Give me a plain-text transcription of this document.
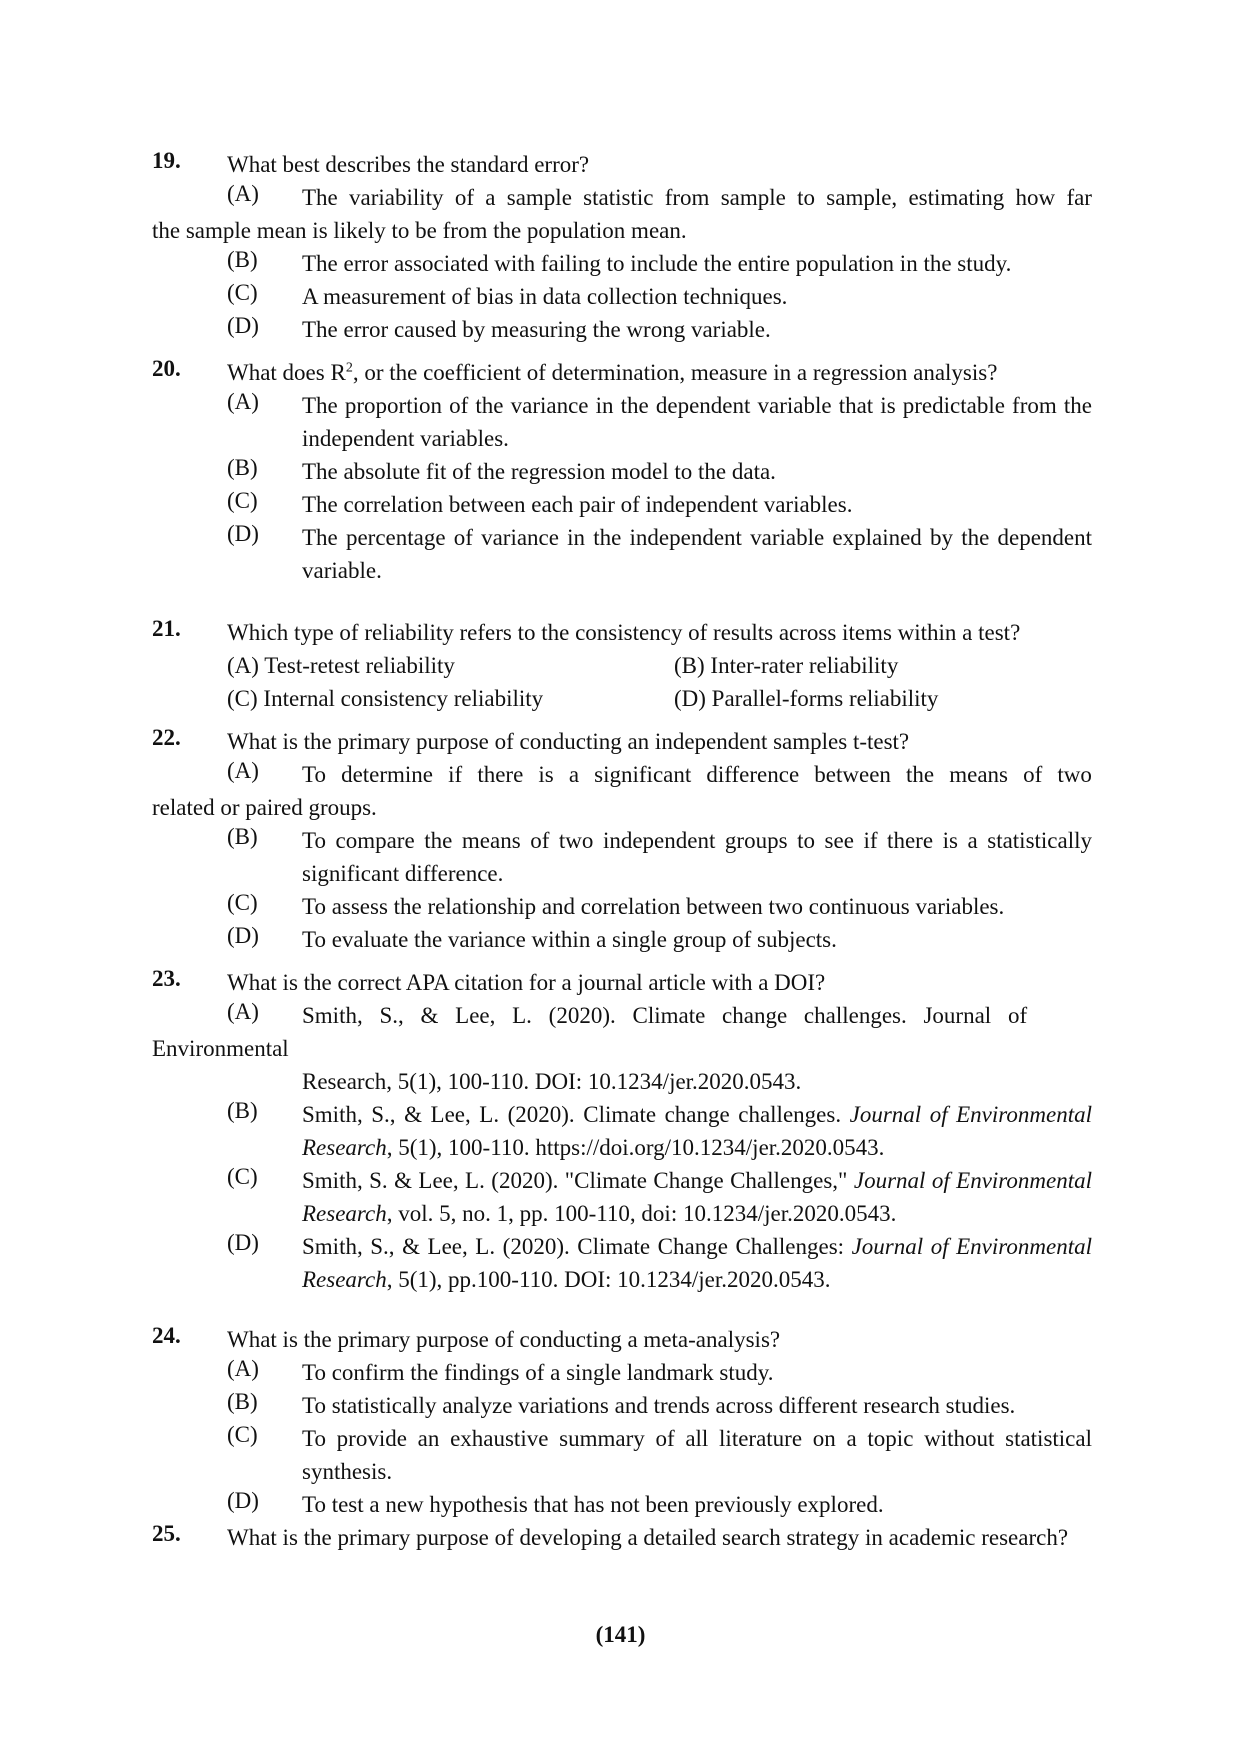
19. What best describes the standard error?
(A) The variability of a sample statistic from sample to sample, estimating how far
the sample mean is likely to be from the population mean.
(B) The error associated with failing to include the entire population in the study.
(C) A measurement of bias in data collection techniques.
(D) The error caused by measuring the wrong variable.
20. What does $R^2$, or the coefficient of determination, measure in a regression analysis?
(A) The proportion of the variance in the dependent variable that is predictable from the independent variables.
(B) The absolute fit of the regression model to the data.
(C) The correlation between each pair of independent variables.
(D) The percentage of variance in the independent variable explained by the dependent variable.
21. Which type of reliability refers to the consistency of results across items within a test?
(A) Test-retest reliability	(B) Inter-rater reliability
(C) Internal consistency reliability	(D) Parallel-forms reliability
22. What is the primary purpose of conducting an independent samples t-test?
(A) To determine if there is a significant difference between the means of two
related or paired groups.
(B) To compare the means of two independent groups to see if there is a statistically significant difference.
(C) To assess the relationship and correlation between two continuous variables.
(D) To evaluate the variance within a single group of subjects.
23. What is the correct APA citation for a journal article with a DOI?
(A) Smith, S., & Lee, L. (2020). Climate change challenges. Journal of
Environmental
Research, 5(1), 100-110. DOI: 10.1234/jer.2020.0543.
(B) Smith, S., & Lee, L. (2020). Climate change challenges. Journal of Environmental Research, 5(1), 100-110. https://doi.org/10.1234/jer.2020.0543.
(C) Smith, S. & Lee, L. (2020). "Climate Change Challenges," Journal of Environmental Research, vol. 5, no. 1, pp. 100-110, doi: 10.1234/jer.2020.0543.
(D) Smith, S., & Lee, L. (2020). Climate Change Challenges: Journal of Environmental Research, 5(1), pp.100-110. DOI: 10.1234/jer.2020.0543.
24. What is the primary purpose of conducting a meta-analysis?
(A) To confirm the findings of a single landmark study.
(B) To statistically analyze variations and trends across different research studies.
(C) To provide an exhaustive summary of all literature on a topic without statistical synthesis.
(D) To test a new hypothesis that has not been previously explored.
25. What is the primary purpose of developing a detailed search strategy in academic research?
(141)
